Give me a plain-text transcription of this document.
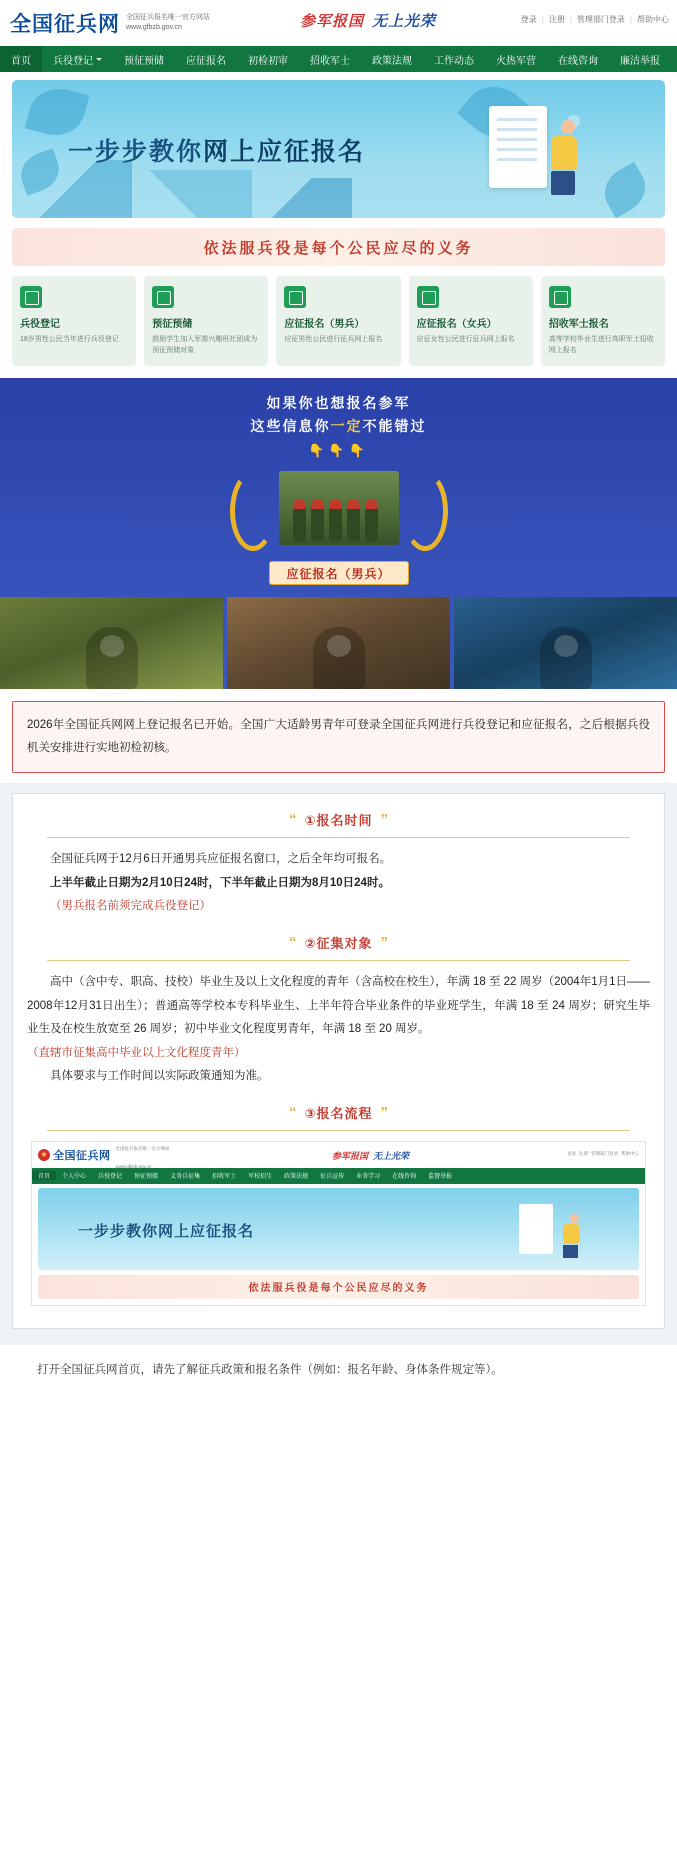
全国征兵网 全国征兵报名唯一官方网站
www.gfbzb.gov.cn	参军报国 无上光荣	登录 | 注册 | 管理部门登录 | 帮助中心
首页 兵役登记	预征预储 应征报名 初检初审 招收军士 政策法规 工作动态 火热军营 在线咨询 廉洁举报
一步步教你网上应征报名
依法服兵役是每个公民应尽的义务
兵役登记
18岁男性公民当年进行兵役登记
预征预储
鼓励学生加入军需兴趣班社团成为预征预储对象
应征报名（男兵）
应征男性公民进行征兵网上报名
应征报名（女兵）
应征女性公民进行征兵网上报名
招收军士报名
高等学校毕业生进行高职军士招收网上报名
如果你也想报名参军
这些信息你一定不能错过
👇👇👇
应征报名（男兵）
2026年全国征兵网网上登记报名已开始。全国广大适龄男青年可登录全国征兵网进行兵役登记和应征报名，之后根据兵役机关安排进行实地初检初核。
“ ①报名时间 ”

全国征兵网于12月6日开通男兵应征报名窗口，之后全年均可报名。

上半年截止日期为2月10日24时，下半年截止日期为8月10日24时。

（男兵报名前须完成兵役登记）

“ ②征集对象 ”

高中（含中专、职高、技校）毕业生及以上文化程度的青年（含高校在校生），年满 18 至 22 周岁（2004年1月1日——2008年12月31日出生）；普通高等学校本专科毕业生、上半年符合毕业条件的毕业班学生，年满 18 至 24 周岁；研究生毕业生及在校生放宽至 26 周岁；初中毕业文化程度男青年，年满 18 至 20 周岁。

（直辖市征集高中毕业以上文化程度青年）

具体要求与工作时间以实际政策通知为准。

“ ③报名流程 ”
★ 全国征兵网
全国征兵报名唯一官方网站
www.gfbzb.gov.cn
参军报国 无上光荣	登录 注册 管理部门登录 帮助中心
首页	个人中心	兵役登记	预征预储	义务兵征集	招收军士	军校招生	政策法规	征兵宣传	业务学习	在线咨询	监督举报
一步步教你网上应征报名
依法服兵役是每个公民应尽的义务
打开全国征兵网首页，请先了解征兵政策和报名条件（例如：报名年龄、身体条件规定等）。
